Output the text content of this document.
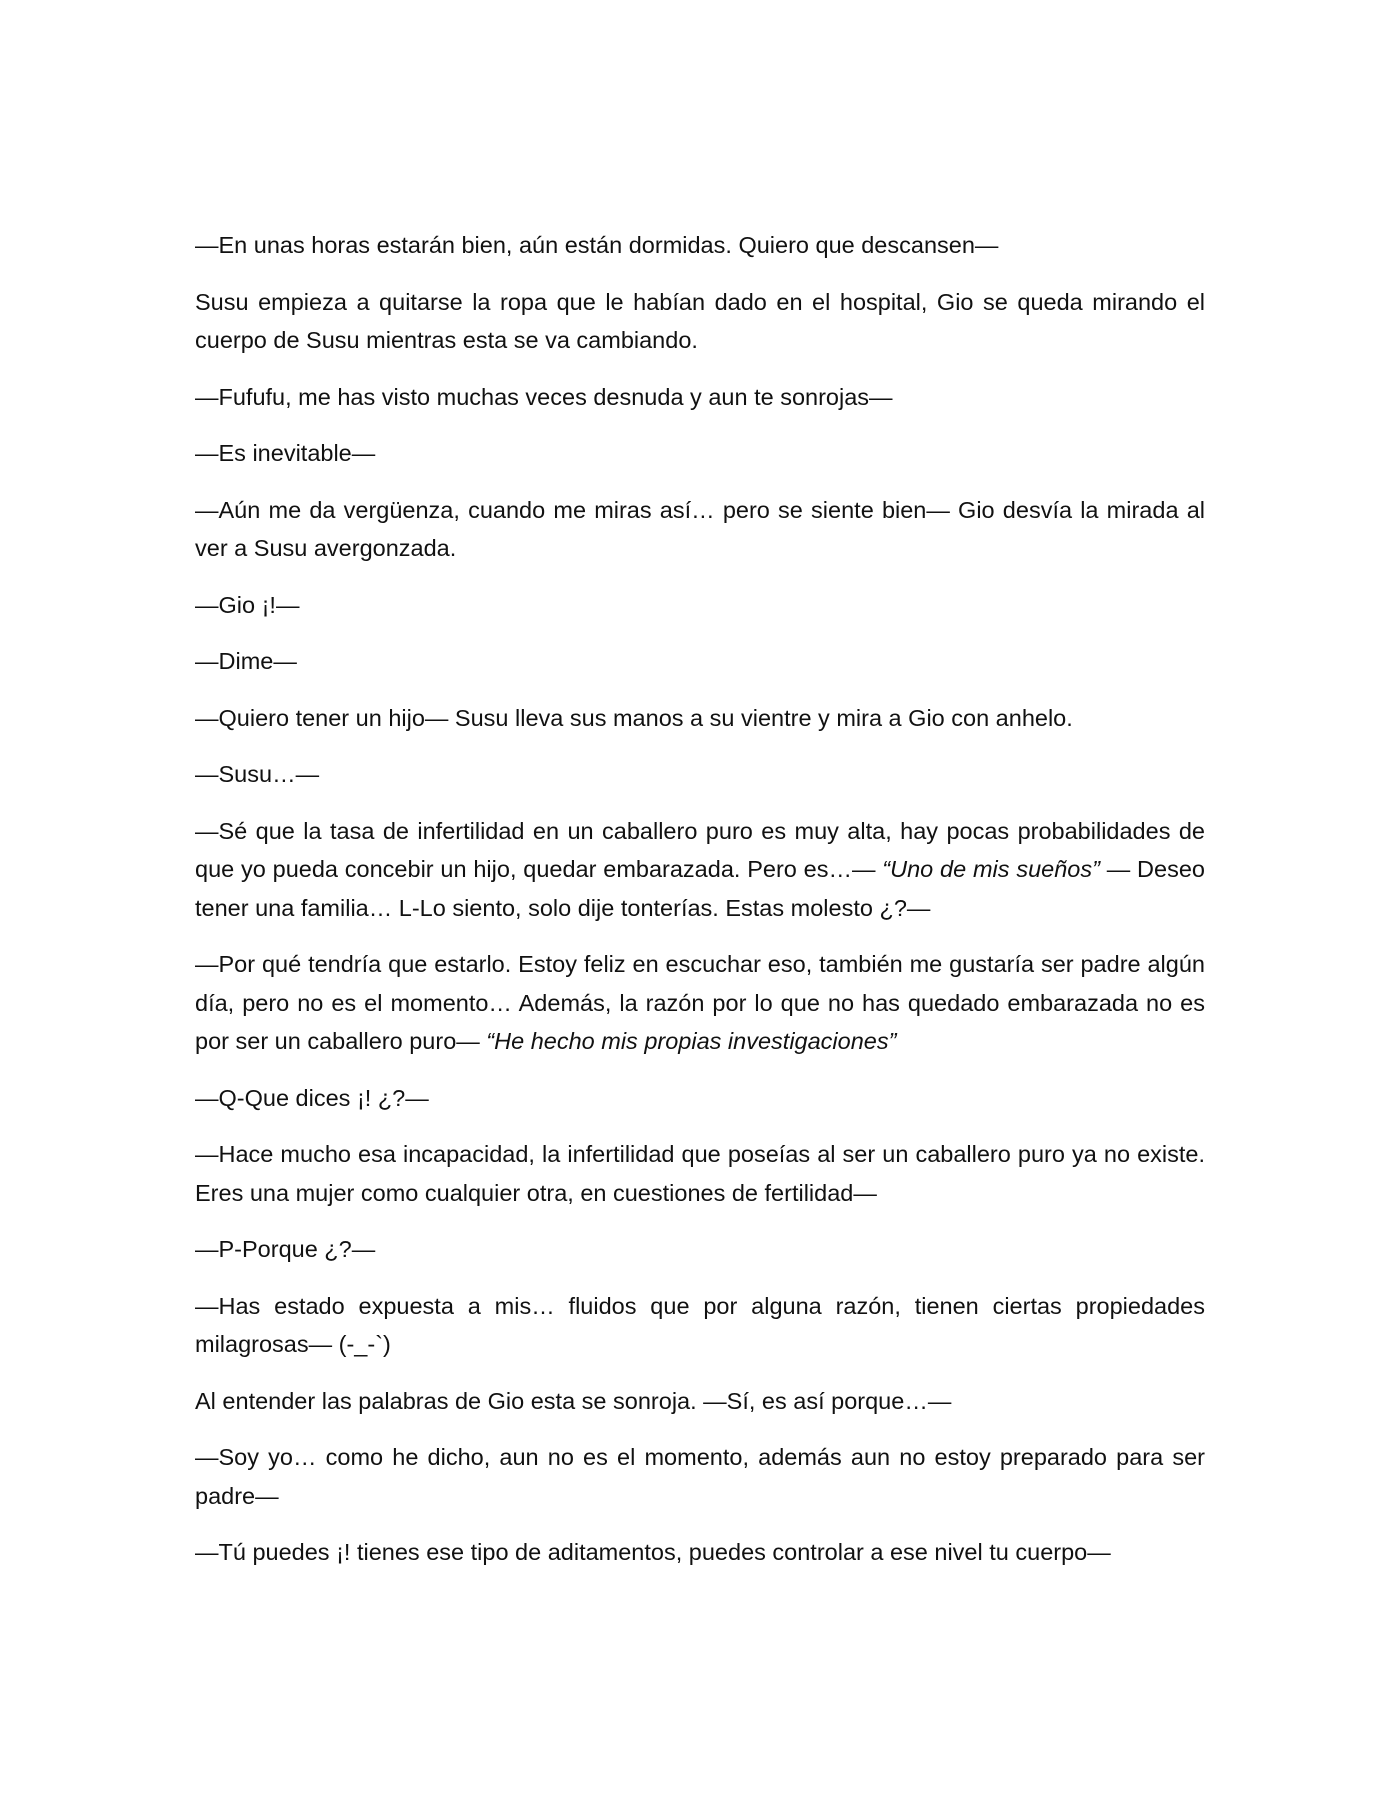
—En unas horas estarán bien, aún están dormidas. Quiero que descansen—

Susu empieza a quitarse la ropa que le habían dado en el hospital, Gio se queda mirando el cuerpo de Susu mientras esta se va cambiando.

—Fufufu, me has visto muchas veces desnuda y aun te sonrojas—

—Es inevitable—

—Aún me da vergüenza, cuando me miras así… pero se siente bien— Gio desvía la mirada al ver a Susu avergonzada.

—Gio ¡!—

—Dime—

—Quiero tener un hijo— Susu lleva sus manos a su vientre y mira a Gio con anhelo.

—Susu…—

—Sé que la tasa de infertilidad en un caballero puro es muy alta, hay pocas probabilidades de que yo pueda concebir un hijo, quedar embarazada. Pero es…— “Uno de mis sueños” — Deseo tener una familia… L-Lo siento, solo dije tonterías. Estas molesto ¿?—

—Por qué tendría que estarlo. Estoy feliz en escuchar eso, también me gustaría ser padre algún día, pero no es el momento… Además, la razón por lo que no has quedado embarazada no es por ser un caballero puro— “He hecho mis propias investigaciones”

—Q-Que dices ¡! ¿?—

—Hace mucho esa incapacidad, la infertilidad que poseías al ser un caballero puro ya no existe. Eres una mujer como cualquier otra, en cuestiones de fertilidad—

—P-Porque ¿?—

—Has estado expuesta a mis… fluidos que por alguna razón, tienen ciertas propiedades milagrosas— (-_-`)

Al entender las palabras de Gio esta se sonroja. —Sí, es así porque…—

—Soy yo… como he dicho, aun no es el momento, además aun no estoy preparado para ser padre—

—Tú puedes ¡! tienes ese tipo de aditamentos, puedes controlar a ese nivel tu cuerpo—
